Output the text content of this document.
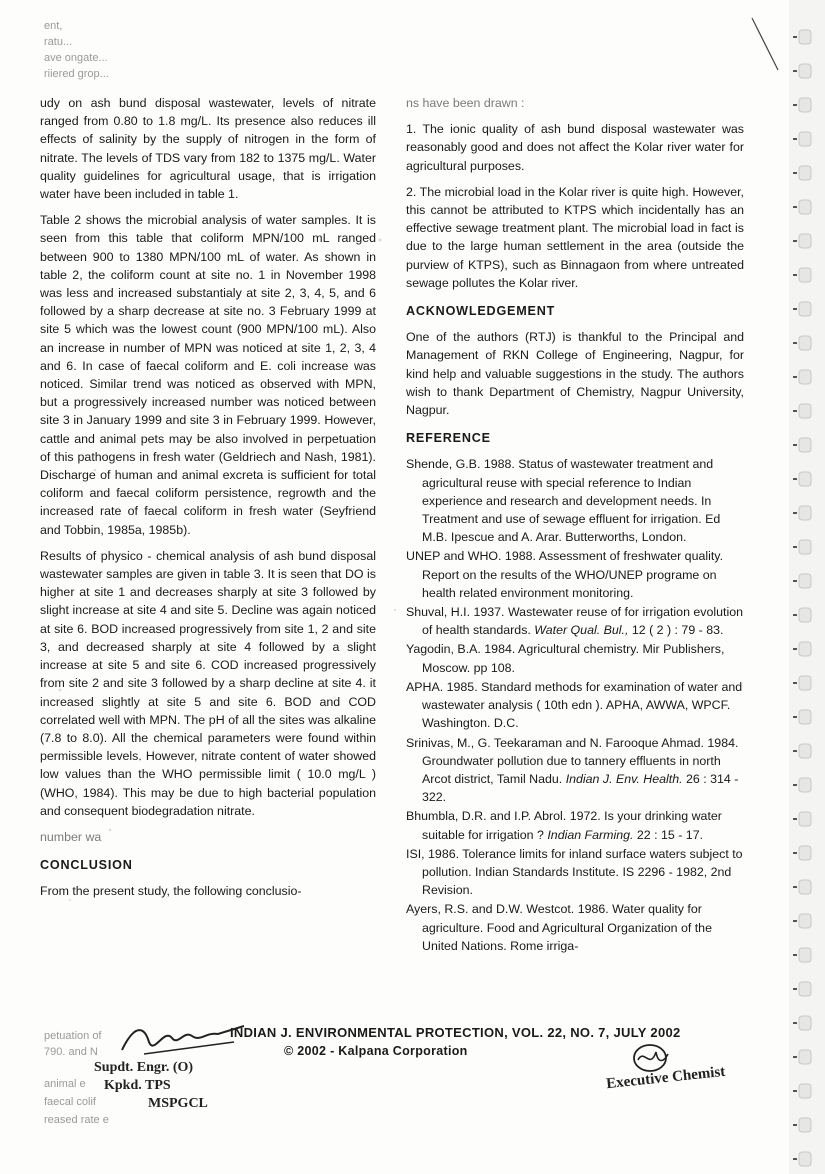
ent,
ratu...
ave ongate...
riiered grop...

udy on ash bund disposal wastewater, levels of nitrate ranged from 0.80 to 1.8 mg/L. Its presence also reduces ill effects of salinity by the supply of nitrogen in the form of nitrate. The levels of TDS vary from 182 to 1375 mg/L. Water quality guidelines for agricultural usage, that is irrigation water have been included in table 1.

Table 2 shows the microbial analysis of water samples. It is seen from this table that coliform MPN/100 mL ranged between 900 to 1380 MPN/100 mL of water. As shown in table 2, the coliform count at site no. 1 in November 1998 was less and increased substantialy at site 2, 3, 4, 5, and 6 followed by a sharp decrease at site no. 3 February 1999 at site 5 which was the lowest count (900 MPN/100 mL). Also an increase in number of MPN was noticed at site 1, 2, 3, 4 and 6. In case of faecal coliform and E. coli increase was noticed. Similar trend was noticed as observed with MPN, but a progressively increased number was noticed between site 3 in January 1999 and site 3 in February 1999. However, cattle and animal pets may be also involved in perpetuation of this pathogens in fresh water (Geldriech and Nash, 1981). Discharge of human and animal excreta is sufficient for total coliform and faecal coliform persistence, regrowth and the increased rate of faecal coliform in fresh water (Seyfriend and Tobbin, 1985a, 1985b).

Results of physico - chemical analysis of ash bund disposal wastewater samples are given in table 3. It is seen that DO is higher at site 1 and decreases sharply at site 3 followed by slight increase at site 4 and site 5. Decline was again noticed at site 6. BOD increased progressively from site 1, 2 and site 3, and decreased sharply at site 4 followed by a slight increase at site 5 and site 6. COD increased progressively from site 2 and site 3 followed by a sharp decline at site 4. it increased slightly at site 5 and site 6. BOD and COD correlated well with MPN. The pH of all the sites was alkaline (7.8 to 8.0). All the chemical parameters were found within permissible levels. However, nitrate content of water showed low values than the WHO permissible limit ( 10.0 mg/L ) (WHO, 1984). This may be due to high bacterial population and consequent biodegradation nitrate.

number wa
CONCLUSION

From the present study, the following conclusio-

ns have been drawn :

1. The ionic quality of ash bund disposal wastewater was reasonably good and does not affect the Kolar river water for agricultural purposes.

2. The microbial load in the Kolar river is quite high. However, this cannot be attributed to KTPS which incidentally has an effective sewage treatment plant. The microbial load in fact is due to the large human settlement in the area (outside the purview of KTPS), such as Binnagaon from where untreated sewage pollutes the Kolar river.

ACKNOWLEDGEMENT

One of the authors (RTJ) is thankful to the Principal and Management of RKN College of Engineering, Nagpur, for kind help and valuable suggestions in the study. The authors wish to thank Department of Chemistry, Nagpur University, Nagpur.

REFERENCE
Shende, G.B. 1988. Status of wastewater treatment and agricultural reuse with special reference to Indian experience and research and development needs. In Treatment and use of sewage effluent for irrigation. Ed M.B. Ipescue and A. Arar. Butterworths, London.
UNEP and WHO. 1988. Assessment of freshwater quality. Report on the results of the WHO/UNEP programe on health related environment monitoring.
Shuval, H.I. 1937. Wastewater reuse of for irrigation evolution of health standards. Water Qual. Bul., 12 ( 2 ) : 79 - 83.
Yagodin, B.A. 1984. Agricultural chemistry. Mir Publishers, Moscow. pp 108.
APHA. 1985. Standard methods for examination of water and wastewater analysis ( 10th edn ). APHA, AWWA, WPCF. Washington. D.C.
Srinivas, M., G. Teekaraman and N. Farooque Ahmad. 1984. Groundwater pollution due to tannery effluents in north Arcot district, Tamil Nadu. Indian J. Env. Health. 26 : 314 - 322.
Bhumbla, D.R. and I.P. Abrol. 1972. Is your drinking water suitable for irrigation ? Indian Farming. 22 : 15 - 17.
ISI, 1986. Tolerance limits for inland surface waters subject to pollution. Indian Standards Institute. IS 2296 - 1982, 2nd Revision.
Ayers, R.S. and D.W. Westcot. 1986. Water quality for agriculture. Food and Agricultural Organization of the United Nations. Rome irriga-
INDIAN J. ENVIRONMENTAL PROTECTION, VOL. 22, NO. 7, JULY 2002
© 2002 - Kalpana Corporation
petuation of
790. and N
Supdt. Engr. (O)
animal e	Kpkd. TPS
faecal colif	MSPGCL
reased rate e
Executive Chemist
